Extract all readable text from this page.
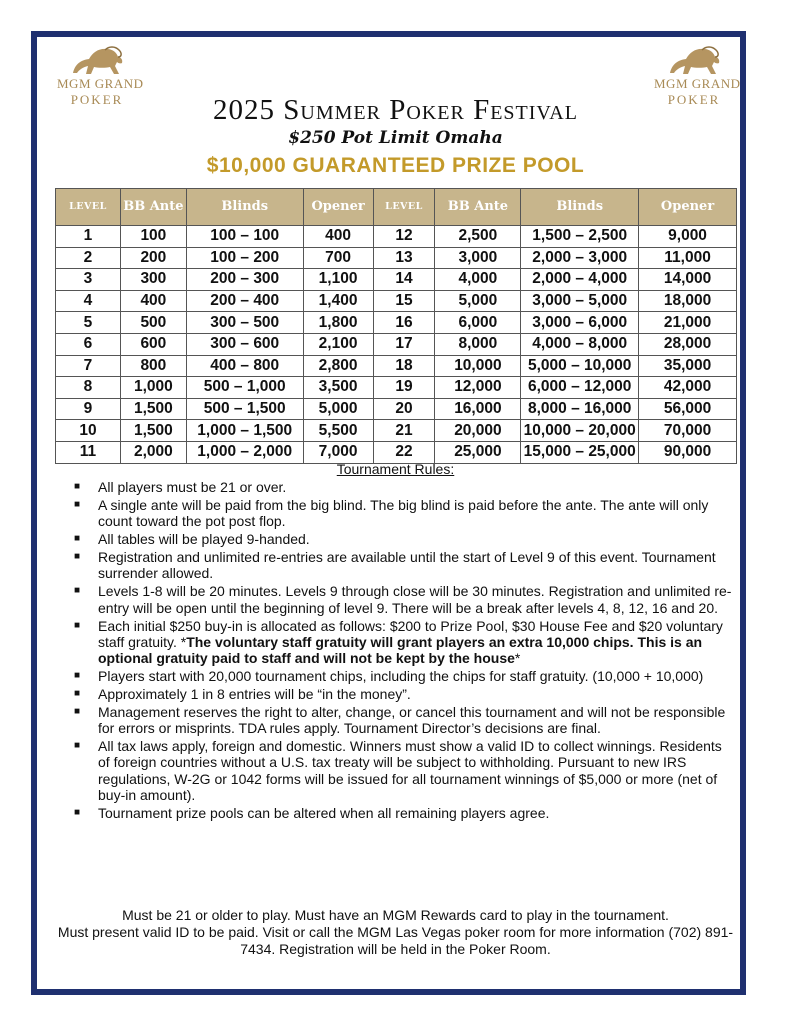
MGM GRAND
POKER
MGM GRAND
POKER
2025 Summer Poker Festival
$250 Pot Limit Omaha
$10,000 GUARANTEED PRIZE POOL
LEVEL	BB Ante	Blinds	Opener	LEVEL	BB Ante	Blinds	Opener
1	100	100 – 100	400	12	2,500	1,500 – 2,500	9,000
2	200	100 – 200	700	13	3,000	2,000 – 3,000	11,000
3	300	200 – 300	1,100	14	4,000	2,000 – 4,000	14,000
4	400	200 – 400	1,400	15	5,000	3,000 – 5,000	18,000
5	500	300 – 500	1,800	16	6,000	3,000 – 6,000	21,000
6	600	300 – 600	2,100	17	8,000	4,000 – 8,000	28,000
7	800	400 – 800	2,800	18	10,000	5,000 – 10,000	35,000
8	1,000	500 – 1,000	3,500	19	12,000	6,000 – 12,000	42,000
9	1,500	500 – 1,500	5,000	20	16,000	8,000 – 16,000	56,000
10	1,500	1,000 – 1,500	5,500	21	20,000	10,000 – 20,000	70,000
11	2,000	1,000 – 2,000	7,000	22	25,000	15,000 – 25,000	90,000
Tournament Rules:
■ All players must be 21 or over.
■ A single ante will be paid from the big blind. The big blind is paid before the ante. The ante will only count toward the pot post flop.
■ All tables will be played 9-handed.
■ Registration and unlimited re-entries are available until the start of Level 9 of this event. Tournament surrender allowed.
■ Levels 1-8 will be 20 minutes. Levels 9 through close will be 30 minutes. Registration and unlimited re-entry will be open until the beginning of level 9. There will be a break after levels 4, 8, 12, 16 and 20.
■ Each initial $250 buy-in is allocated as follows: $200 to Prize Pool, $30 House Fee and $20 voluntary staff gratuity. *The voluntary staff gratuity will grant players an extra 10,000 chips. This is an optional gratuity paid to staff and will not be kept by the house*
■ Players start with 20,000 tournament chips, including the chips for staff gratuity. (10,000 + 10,000)
■ Approximately 1 in 8 entries will be “in the money”.
■ Management reserves the right to alter, change, or cancel this tournament and will not be responsible for errors or misprints. TDA rules apply. Tournament Director’s decisions are final.
■ All tax laws apply, foreign and domestic. Winners must show a valid ID to collect winnings. Residents of foreign countries without a U.S. tax treaty will be subject to withholding. Pursuant to new IRS regulations, W-2G or 1042 forms will be issued for all tournament winnings of $5,000 or more (net of buy-in amount).
■ Tournament prize pools can be altered when all remaining players agree.
Must be 21 or older to play. Must have an MGM Rewards card to play in the tournament.
Must present valid ID to be paid. Visit or call the MGM Las Vegas poker room for more information (702) 891-7434. Registration will be held in the Poker Room.
